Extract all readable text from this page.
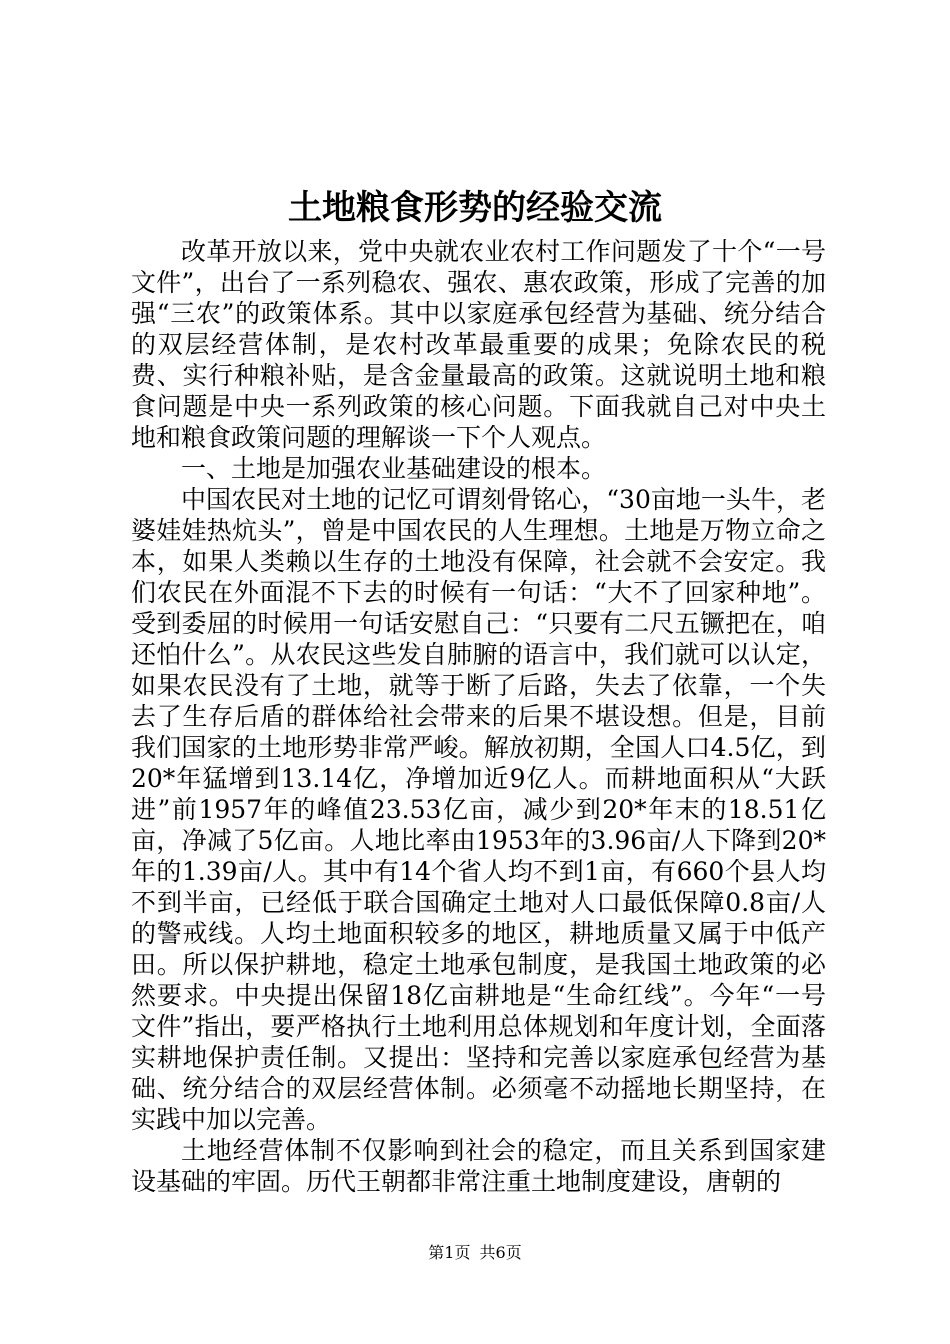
土地粮食形势的经验交流

改革开放以来，党中央就农业农村工作问题发了十个“一号文件”，出台了一系列稳农、强农、惠农政策，形成了完善的加强“三农”的政策体系。其中以家庭承包经营为基础、统分结合的双层经营体制，是农村改革最重要的成果；免除农民的税费、实行种粮补贴，是含金量最高的政策。这就说明土地和粮食问题是中央一系列政策的核心问题。下面我就自己对中央土地和粮食政策问题的理解谈一下个人观点。

一、土地是加强农业基础建设的根本。

中国农民对土地的记忆可谓刻骨铭心，“30亩地一头牛，老婆娃娃热炕头”，曾是中国农民的人生理想。土地是万物立命之本，如果人类赖以生存的土地没有保障，社会就不会安定。我们农民在外面混不下去的时候有一句话：“大不了回家种地”。受到委屈的时候用一句话安慰自己：“只要有二尺五镢把在，咱还怕什么”。从农民这些发自肺腑的语言中，我们就可以认定，如果农民没有了土地，就等于断了后路，失去了依靠，一个失去了生存后盾的群体给社会带来的后果不堪设想。但是，目前我们国家的土地形势非常严峻。解放初期，全国人口4.5亿，到20*年猛增到13.14亿，净增加近9亿人。而耕地面积从“大跃进”前1957年的峰值23.53亿亩，减少到20*年末的18.51亿亩，净减了5亿亩。人地比率由1953年的3.96亩/人下降到20*年的1.39亩/人。其中有14个省人均不到1亩，有660个县人均不到半亩，已经低于联合国确定土地对人口最低保障0.8亩/人的警戒线。人均土地面积较多的地区，耕地质量又属于中低产田。所以保护耕地，稳定土地承包制度，是我国土地政策的必然要求。中央提出保留18亿亩耕地是“生命红线”。今年“一号文件”指出，要严格执行土地利用总体规划和年度计划，全面落实耕地保护责任制。又提出：坚持和完善以家庭承包经营为基础、统分结合的双层经营体制。必须毫不动摇地长期坚持，在实践中加以完善。

土地经营体制不仅影响到社会的稳定，而且关系到国家建设基础的牢固。历代王朝都非常注重土地制度建设，唐朝的

第1页 共6页
